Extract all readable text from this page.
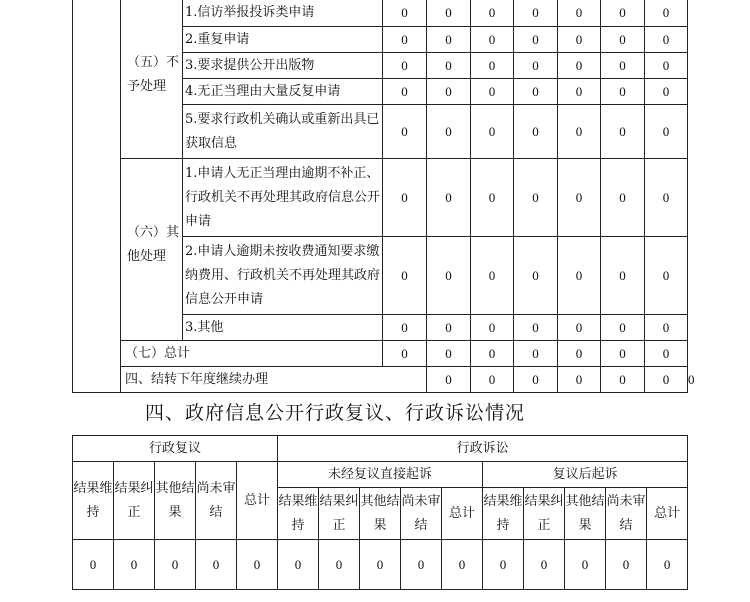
	（五）不予处理	1.信访举报投诉类申请	0	0	0	0	0	0	0	
		2.重复申请	0	0	0	0	0	0	0	
		3.要求提供公开出版物	0	0	0	0	0	0	0	
		4.无正当理由大量反复申请	0	0	0	0	0	0	0	
		5.要求行政机关确认或重新出具已获取信息	0	0	0	0	0	0	0	
	（六）其他处理	1.申请人无正当理由逾期不补正、行政机关不再处理其政府信息公开申请	0	0	0	0	0	0	0	
		2.申请人逾期未按收费通知要求缴纳费用、行政机关不再处理其政府信息公开申请	0	0	0	0	0	0	0	
		3.其他	0	0	0	0	0	0	0	
	（七）总计		0	0	0	0	0	0	0	
	四、结转下年度继续办理			0	0	0	0	0	0	0
四、政府信息公开行政复议、行政诉讼情况
行政复议					行政诉讼									
结果维持	结果纠正	其他结果	尚未审结	总计	未经复议直接起诉					复议后起诉				
					结果维持	结果纠正	其他结果	尚未审结	总计	结果维持	结果纠正	其他结果	尚未审结	总计
0	0	0	0	0	0	0	0	0	0	0	0	0	0	0
